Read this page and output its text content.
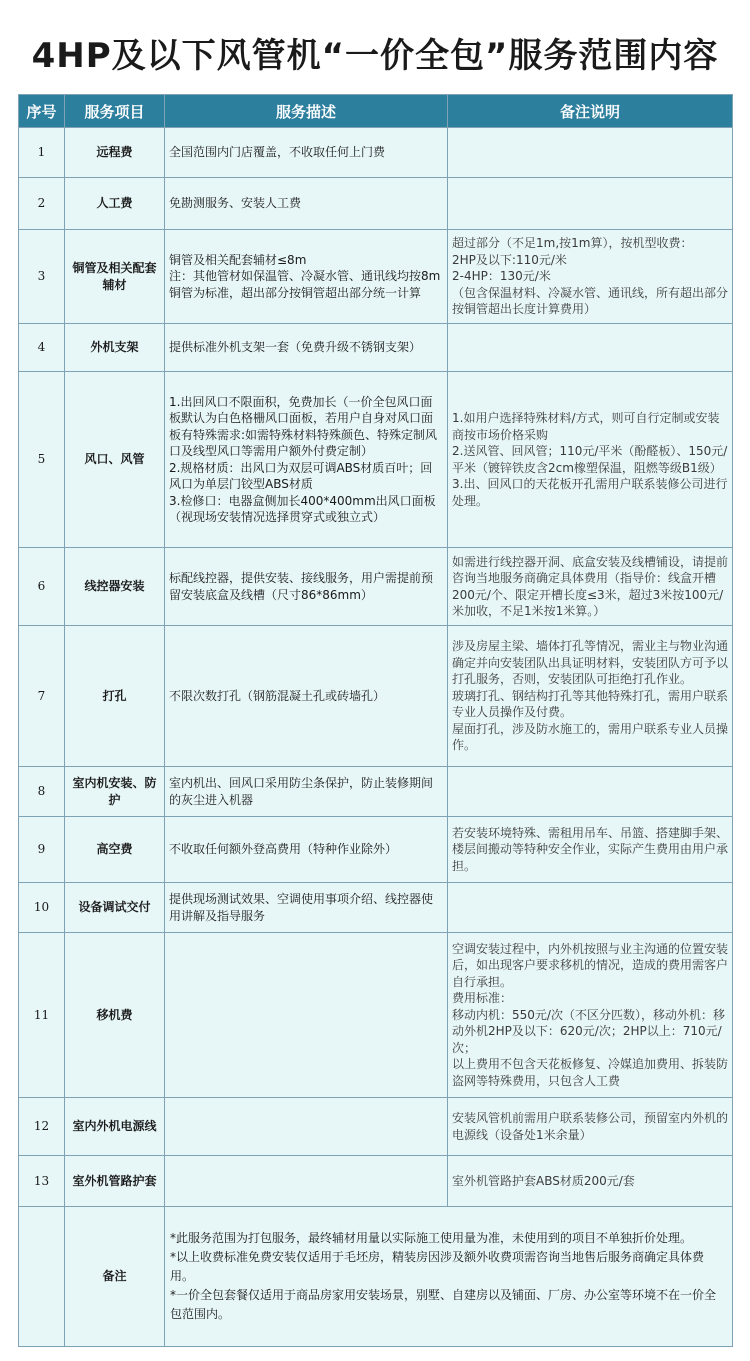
4HP及以下风管机“一价全包”服务范围内容
序号	服务项目	服务描述	备注说明
1	远程费	全国范围内门店覆盖，不收取任何上门费	
2	人工费	免勘测服务、安装人工费	
3	铜管及相关配套辅材	铜管及相关配套辅材≤8m
注：其他管材如保温管、冷凝水管、通讯线均按8m铜管为标准，超出部分按铜管超出部分统一计算	超过部分（不足1m,按1m算），按机型收费：
2HP及以下:110元/米
2-4HP：130元/米
（包含保温材料、冷凝水管、通讯线，所有超出部分按铜管超出长度计算费用）
4	外机支架	提供标准外机支架一套（免费升级不锈钢支架）	
5	风口、风管	1.出回风口不限面积，免费加长（一价全包风口面板默认为白色格栅风口面板，若用户自身对风口面板有特殊需求:如需特殊材料特殊颜色、特殊定制风口及线型风口等需用户额外付费定制）
2.规格材质：出风口为双层可调ABS材质百叶；回风口为单层门铰型ABS材质
3.检修口：电器盒侧加长400*400mm出风口面板（视现场安装情况选择贯穿式或独立式）	1.如用户选择特殊材料/方式，则可自行定制或安装商按市场价格采购
2.送风管、回风管；110元/平米（酚醛板）、150元/平米（镀锌铁皮含2cm橡塑保温，阻燃等级B1级）
3.出、回风口的天花板开孔需用户联系装修公司进行处理。
6	线控器安装	标配线控器，提供安装、接线服务，用户需提前预留安装底盒及线槽（尺寸86*86mm）	如需进行线控器开洞、底盒安装及线槽铺设，请提前咨询当地服务商确定具体费用（指导价：线盒开槽200元/个、限定开槽长度≤3米，超过3米按100元/米加收，不足1米按1米算。）
7	打孔	不限次数打孔（钢筋混凝土孔或砖墙孔）	涉及房屋主梁、墙体打孔等情况，需业主与物业沟通确定并向安装团队出具证明材料，安装团队方可予以打孔服务，否则，安装团队可拒绝打孔作业。
玻璃打孔、钢结构打孔等其他特殊打孔，需用户联系专业人员操作及付费。
屋面打孔，涉及防水施工的，需用户联系专业人员操作。
8	室内机安装、防护	室内机出、回风口采用防尘条保护，防止装修期间的灰尘进入机器	
9	高空费	不收取任何额外登高费用（特种作业除外）	若安装环境特殊、需租用吊车、吊篮、搭建脚手架、楼层间搬动等特种安全作业，实际产生费用由用户承担。
10	设备调试交付	提供现场测试效果、空调使用事项介绍、线控器使用讲解及指导服务	
11	移机费		空调安装过程中，内外机按照与业主沟通的位置安装后，如出现客户要求移机的情况，造成的费用需客户自行承担。
费用标准：
移动内机：550元/次（不区分匹数），移动外机：移动外机2HP及以下：620元/次；2HP以上：710元/次；
以上费用不包含天花板修复、冷媒追加费用、拆装防盗网等特殊费用，只包含人工费
12	室内外机电源线		安装风管机前需用户联系装修公司，预留室内外机的电源线（设备处1米余量）
13	室外机管路护套		室外机管路护套ABS材质200元/套
	备注	*此服务范围为打包服务，最终辅材用量以实际施工使用量为准，未使用到的项目不单独折价处理。
*以上收费标准免费安装仅适用于毛坯房，精装房因涉及额外收费项需咨询当地售后服务商确定具体费用。
*一价全包套餐仅适用于商品房家用安装场景，别墅、自建房以及铺面、厂房、办公室等环境不在一价全包范围内。	
